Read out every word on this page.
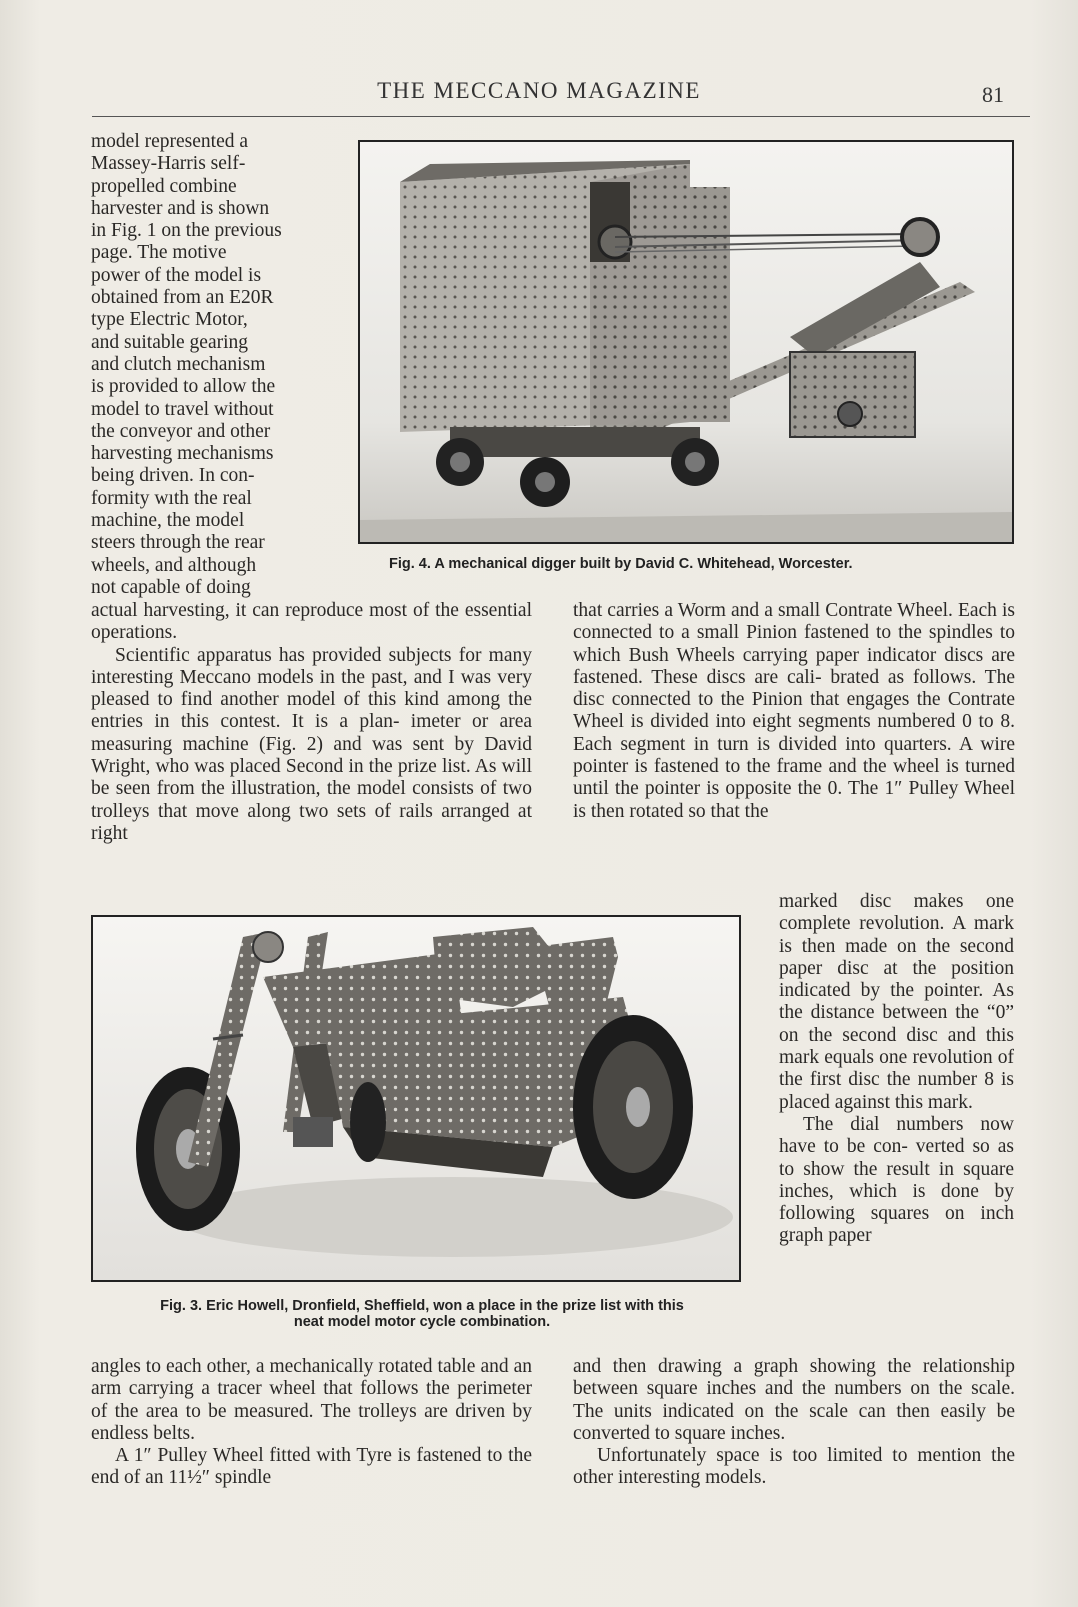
THE MECCANO MAGAZINE	81

model represented a

Massey-Harris self-

propelled combine

harvester and is shown

in Fig. 1 on the previous

page. The motive

power of the model is

obtained from an E20R

type Electric Motor,

and suitable gearing

and clutch mechanism

is provided to allow the

model to travel without

the conveyor and other

harvesting mechanisms

being driven. In con-

formity wıth the real

machine, the model

steers through the rear

wheels, and although

not capable of doing

Fig. 4. A mechanical digger built by David C. Whitehead, Worcester.

actual harvesting, it can reproduce most of the essential operations.

Scientific apparatus has provided subjects for many interesting Meccano models in the past, and I was very pleased to find another model of this kind among the entries in this contest. It is a plan- imeter or area measuring machine (Fig. 2) and was sent by David Wright, who was placed Second in the prize list. As will be seen from the illustration, the model consists of two trolleys that move along two sets of rails arranged at right

that carries a Worm and a small Contrate Wheel. Each is connected to a small Pinion fastened to the spindles to which Bush Wheels carrying paper indicator discs are fastened. These discs are cali- brated as follows. The disc connected to the Pinion that engages the Contrate Wheel is divided into eight segments numbered 0 to 8. Each segment in turn is divided into quarters. A wire pointer is fastened to the frame and the wheel is turned until the pointer is opposite the 0. The 1″ Pulley Wheel is then rotated so that the

Fig. 3. Eric Howell, Dronfield, Sheffield, won a place in the prize list with this
neat model motor cycle combination.

marked disc makes one complete revolution. A mark is then made on the second paper disc at the position indicated by the pointer. As the distance between the “0” on the second disc and this mark equals one revolution of the first disc the number 8 is placed against this mark.

The dial numbers now have to be con- verted so as to show the result in square inches, which is done by following squares on inch graph paper

angles to each other, a mechanically rotated table and an arm carrying a tracer wheel that follows the perimeter of the area to be measured. The trolleys are driven by endless belts.

A 1″ Pulley Wheel fitted with Tyre is fastened to the end of an 11½″ spindle

and then drawing a graph showing the relationship between square inches and the numbers on the scale. The units indicated on the scale can then easily be converted to square inches.

Unfortunately space is too limited to mention the other interesting models.
